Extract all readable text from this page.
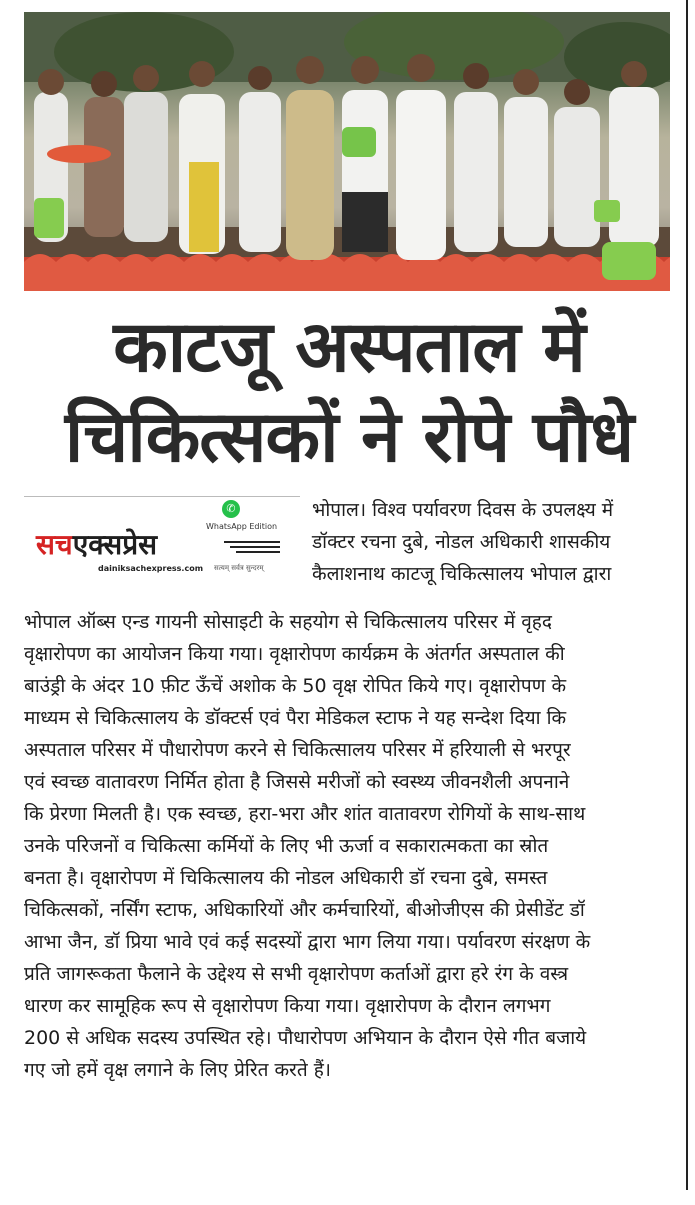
काटजू अस्पताल में
चिकित्सकों ने रोपे पौधे
✆
WhatsApp Edition
सचएक्सप्रेस
dainiksachexpress.com सत्यम् सर्वत्र सुन्दरम्
भोपाल। विश्व पर्यावरण दिवस के उपलक्ष्य में
डॉक्टर रचना दुबे, नोडल अधिकारी शासकीय
कैलाशनाथ काटजू चिकित्सालय भोपाल द्वारा
भोपाल ऑब्स एन्ड गायनी सोसाइटी के सहयोग से चिकित्सालय परिसर में वृहद
वृक्षारोपण का आयोजन किया गया। वृक्षारोपण कार्यक्रम के अंतर्गत अस्पताल की
बाउंड्री के अंदर 10 फ़ीट ऊँचें अशोक के 50 वृक्ष रोपित किये गए। वृक्षारोपण के
माध्यम से चिकित्सालय के डॉक्टर्स एवं पैरा मेडिकल स्टाफ ने यह सन्देश दिया कि
अस्पताल परिसर में पौधारोपण करने से चिकित्सालय परिसर में हरियाली से भरपूर
एवं स्वच्छ वातावरण निर्मित होता है जिससे मरीजों को स्वस्थ्य जीवनशैली अपनाने
कि प्रेरणा मिलती है। एक स्वच्छ, हरा-भरा और शांत वातावरण रोगियों के साथ-साथ
उनके परिजनों व चिकित्सा कर्मियों के लिए भी ऊर्जा व सकारात्मकता का स्रोत
बनता है। वृक्षारोपण में चिकित्सालय की नोडल अधिकारी डॉ रचना दुबे, समस्त
चिकित्सकों, नर्सिंग स्टाफ, अधिकारियों और कर्मचारियों, बीओजीएस की प्रेसीडेंट डॉ
आभा जैन, डॉ प्रिया भावे एवं कई सदस्यों द्वारा भाग लिया गया। पर्यावरण संरक्षण के
प्रति जागरूकता फैलाने के उद्देश्य से सभी वृक्षारोपण कर्ताओं द्वारा हरे रंग के वस्त्र
धारण कर सामूहिक रूप से वृक्षारोपण किया गया। वृक्षारोपण के दौरान लगभग
200 से अधिक सदस्य उपस्थित रहे। पौधारोपण अभियान के दौरान ऐसे गीत बजाये
गए जो हमें वृक्ष लगाने के लिए प्रेरित करते हैं।
